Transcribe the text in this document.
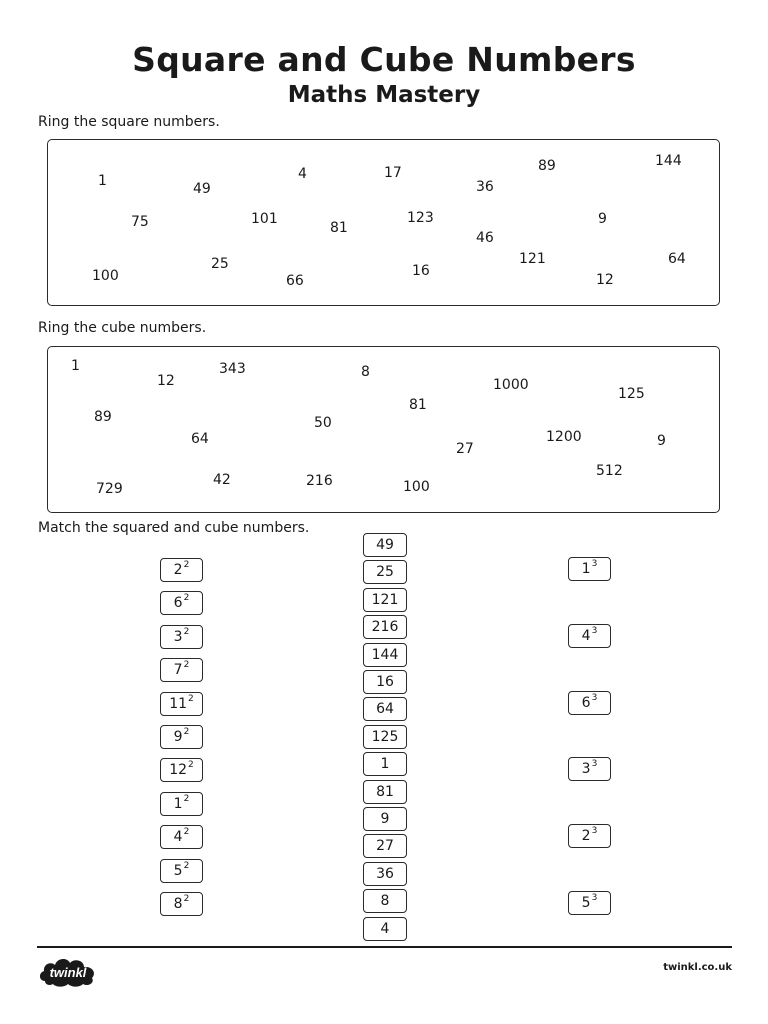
Square and Cube Numbers
Maths Mastery
Ring the square numbers.
1	49
75
100
25
4
101
66
81
17
123
16
36
46
89
121
12
9
144
64
Ring the cube numbers.
1
12
343
89
64
729
42
50
216
8
81
100
27
1000
1200
125
512
9
Match the squared and cube numbers.
$2^2$
$6^2$
$3^2$
$7^2$
$11^2$
$9^2$
$12^2$
$1^2$
$4^2$
$5^2$
$8^2$
49
25
121
216
144
16
64
125
1
81
9
27
36
8
4
$1^3$
$4^3$
$6^3$
$3^3$
$2^3$
$5^3$
twinkl	twinkl.co.uk
